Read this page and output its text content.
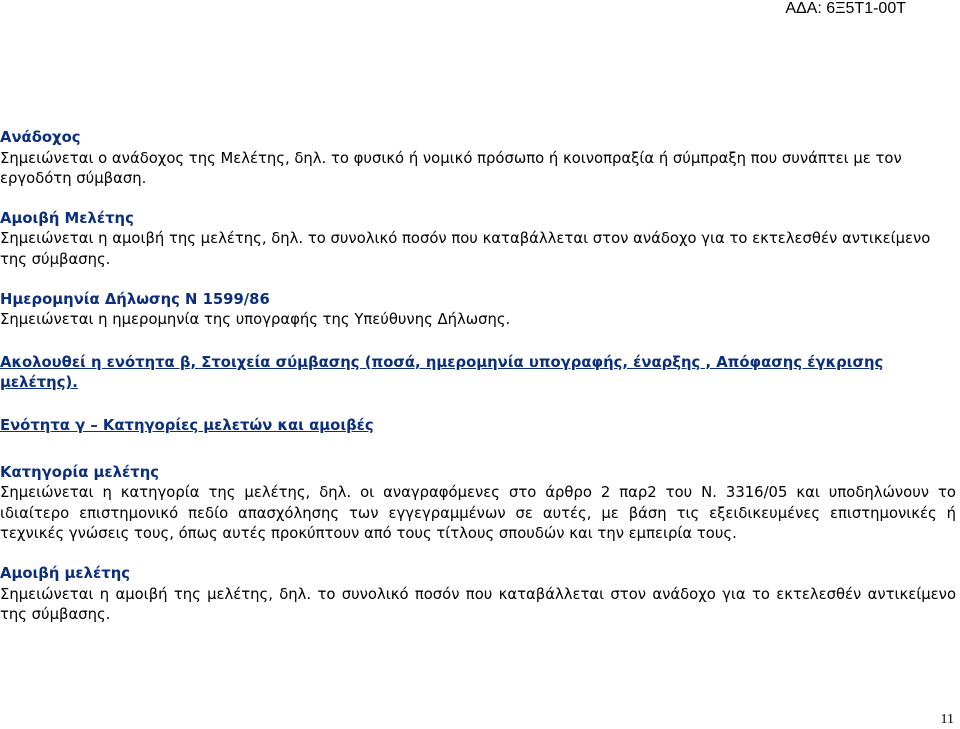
ΑΔΑ: 6Ξ5Τ1-00Τ
Ανάδοχος
Σημειώνεται ο ανάδοχος της Μελέτης, δηλ. το φυσικό ή νομικό πρόσωπο ή κοινοπραξία ή σύμπραξη που συνάπτει με τον εργοδότη σύμβαση.
Αμοιβή Μελέτης
Σημειώνεται η αμοιβή της μελέτης, δηλ. το συνολικό ποσόν που καταβάλλεται στον ανάδοχο για το εκτελεσθέν αντικείμενο της σύμβασης.
Ημερομηνία Δήλωσης Ν 1599/86
Σημειώνεται η ημερομηνία της υπογραφής της Υπεύθυνης Δήλωσης.
Ακολουθεί η ενότητα β, Στοιχεία σύμβασης (ποσά, ημερομηνία υπογραφής, έναρξης , Απόφασης έγκρισης μελέτης).
Ενότητα γ – Κατηγορίες μελετών και αμοιβές
Κατηγορία μελέτης
Σημειώνεται η κατηγορία της μελέτης, δηλ. οι αναγραφόμενες στο άρθρο 2 παρ2 του Ν. 3316/05 και υποδηλώνουν το ιδιαίτερο επιστημονικό πεδίο απασχόλησης των εγγεγραμμένων σε αυτές, με βάση τις εξειδικευμένες επιστημονικές ή τεχνικές γνώσεις τους, όπως αυτές προκύπτουν από τους τίτλους σπουδών και την εμπειρία τους.
Αμοιβή μελέτης
Σημειώνεται η αμοιβή της μελέτης, δηλ. το συνολικό ποσόν που καταβάλλεται στον ανάδοχο για το εκτελεσθέν αντικείμενο της σύμβασης.
11
